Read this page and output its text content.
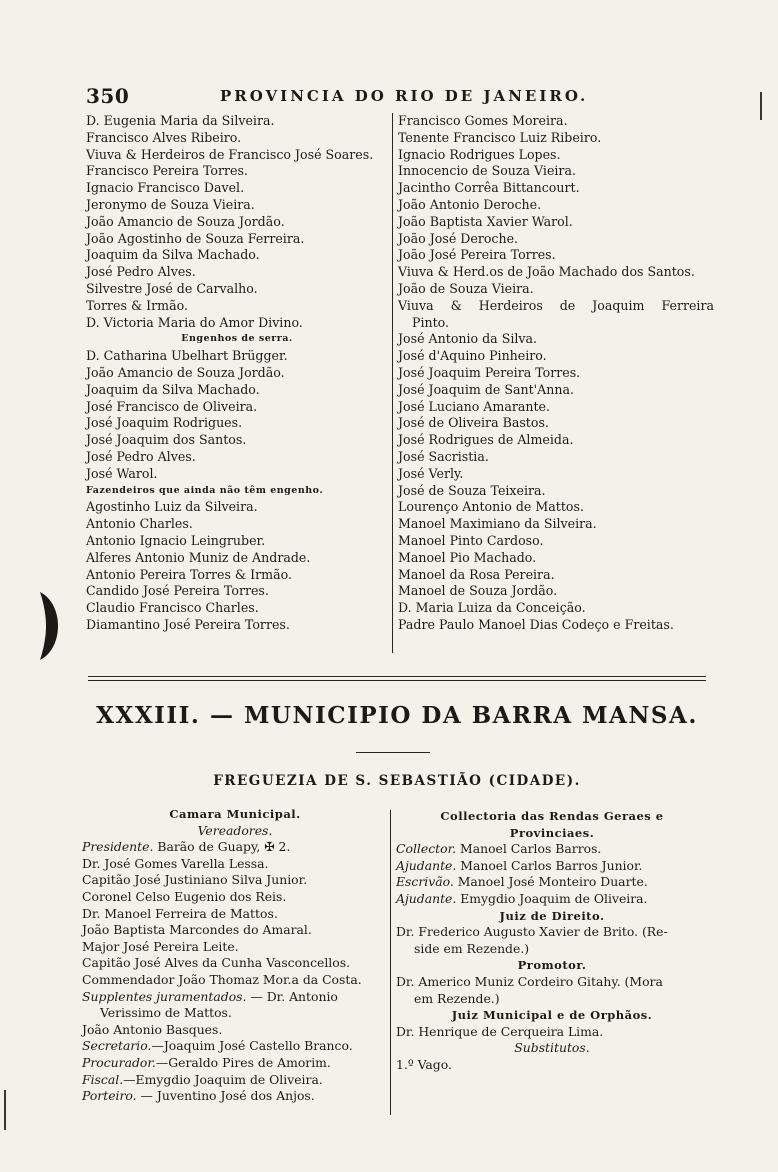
350	PROVINCIA DO RIO DE JANEIRO.
D. Eugenia Maria da Silveira.
Francisco Alves Ribeiro.
Viuva & Herdeiros de Francisco José Soares.
Francisco Pereira Torres.
Ignacio Francisco Davel.
Jeronymo de Souza Vieira.
João Amancio de Souza Jordão.
João Agostinho de Souza Ferreira.
Joaquim da Silva Machado.
José Pedro Alves.
Silvestre José de Carvalho.
Torres & Irmão.
D. Victoria Maria do Amor Divino.
Engenhos de serra.
D. Catharina Ubelhart Brügger.
João Amancio de Souza Jordão.
Joaquim da Silva Machado.
José Francisco de Oliveira.
José Joaquim Rodrigues.
José Joaquim dos Santos.
José Pedro Alves.
José Warol.
Fazendeiros que ainda não têm engenho.
Agostinho Luiz da Silveira.
Antonio Charles.
Antonio Ignacio Leingruber.
Alferes Antonio Muniz de Andrade.
Antonio Pereira Torres & Irmão.
Candido José Pereira Torres.
Claudio Francisco Charles.
Diamantino José Pereira Torres.
Francisco Gomes Moreira.
Tenente Francisco Luiz Ribeiro.
Ignacio Rodrigues Lopes.
Innocencio de Souza Vieira.
Jacintho Corrêa Bittancourt.
João Antonio Deroche.
João Baptista Xavier Warol.
João José Deroche.
João José Pereira Torres.
Viuva & Herd.os de João Machado dos Santos.
João de Souza Vieira.
Viuva & Herdeiros de Joaquim Ferreira
Pinto.
José Antonio da Silva.
José d'Aquino Pinheiro.
José Joaquim Pereira Torres.
José Joaquim de Sant'Anna.
José Luciano Amarante.
José de Oliveira Bastos.
José Rodrigues de Almeida.
José Sacristia.
José Verly.
José de Souza Teixeira.
Lourenço Antonio de Mattos.
Manoel Maximiano da Silveira.
Manoel Pinto Cardoso.
Manoel Pio Machado.
Manoel da Rosa Pereira.
Manoel de Souza Jordão.
D. Maria Luiza da Conceição.
Padre Paulo Manoel Dias Codeço e Freitas.
XXXIII. — MUNICIPIO DA BARRA MANSA.
FREGUEZIA DE S. SEBASTIÃO (CIDADE).
Camara Municipal.
Vereadores.
Presidente. Barão de Guapy, ✠ 2.
Dr. José Gomes Varella Lessa.
Capitão José Justiniano Silva Junior.
Coronel Celso Eugenio dos Reis.
Dr. Manoel Ferreira de Mattos.
João Baptista Marcondes do Amaral.
Major José Pereira Leite.
Capitão José Alves da Cunha Vasconcellos.
Commendador João Thomaz Mor.a da Costa.
Supplentes juramentados. — Dr. Antonio
Verissimo de Mattos.
João Antonio Basques.
Secretario.—Joaquim José Castello Branco.
Procurador.—Geraldo Pires de Amorim.
Fiscal.—Emygdio Joaquim de Oliveira.
Porteiro. — Juventino José dos Anjos.
Collectoria das Rendas Geraes e
Provinciaes.
Collector. Manoel Carlos Barros.
Ajudante. Manoel Carlos Barros Junior.
Escrivão. Manoel José Monteiro Duarte.
Ajudante. Emygdio Joaquim de Oliveira.
Juiz de Direito.
Dr. Frederico Augusto Xavier de Brito. (Re-
side em Rezende.)
Promotor.
Dr. Americo Muniz Cordeiro Gitahy. (Mora
em Rezende.)
Juiz Municipal e de Orphãos.
Dr. Henrique de Cerqueira Lima.
Substitutos.
1.º Vago.
